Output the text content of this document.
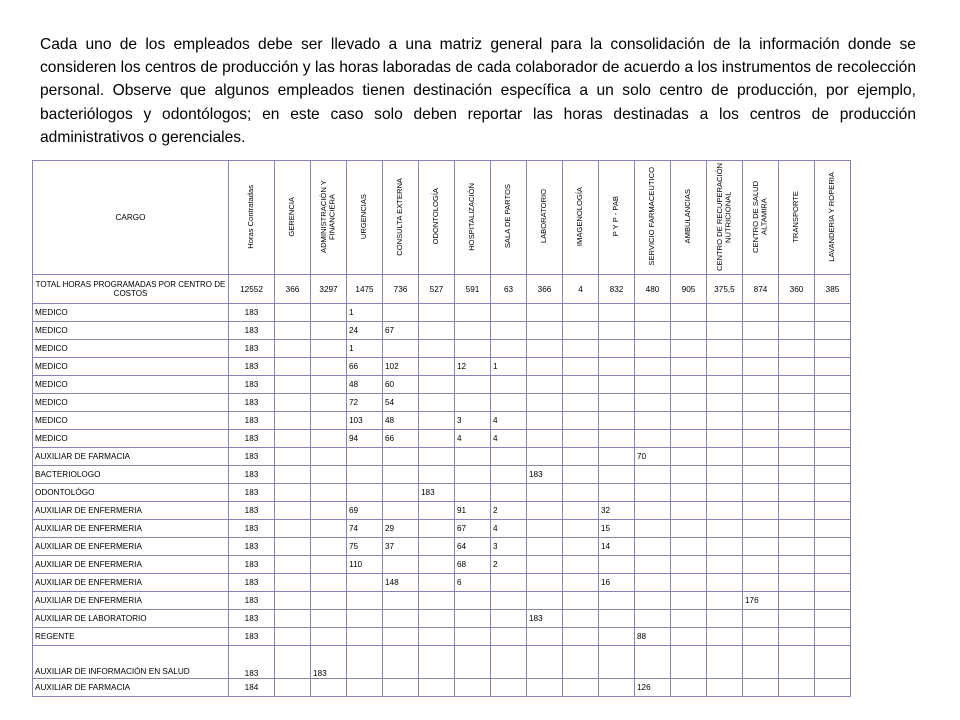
Cada uno de los empleados debe ser llevado a una matriz general para la consolidación de la información donde se consideren los centros de producción y las horas laboradas de cada colaborador de acuerdo a los instrumentos de recolección personal. Observe que algunos empleados tienen destinación específica a un solo centro de producción, por ejemplo, bacteriólogos y odontólogos; en este caso solo deben reportar las horas destinadas a los centros de producción administrativos o gerenciales.

CARGO	Horas Contratadas	GERENCIA	ADMINISTRACIÓN Y FINANCIERA	URGENCIAS	CONSULTA EXTERNA	ODONTOLOGÍA	HOSPITALIZACIÓN	SALA DE PARTOS	LABORATORIO	IMAGENOLOGÍA	P Y P - PAB	SERVICIO FARMACEUTICO	AMBULANCIAS	CENTRO DE RECUPERACIÓN NUTRICIONAL	CENTRO DE SALUD ALTAMIRA	TRANSPORTE	LAVANDERIA Y ROPERIA
TOTAL HORAS PROGRAMADAS POR CENTRO DE COSTOS	12552	366	3297	1475	736	527	591	63	366	4	832	480	905	375,5	874	360	385
MEDICO	183			1													
MEDICO	183			24	67												
MEDICO	183			1													
MEDICO	183			66	102		12	1									
MEDICO	183			48	60												
MEDICO	183			72	54												
MEDICO	183			103	48		3	4									
MEDICO	183			94	66		4	4									
AUXILIAR DE FARMACIA	183											70					
BACTERIOLOGO	183								183								
ODONTOLÓGO	183					183											
AUXILIAR DE ENFERMERIA	183			69			91	2			32						
AUXILIAR DE ENFERMERIA	183			74	29		67	4			15						
AUXILIAR DE ENFERMERIA	183			75	37		64	3			14						
AUXILIAR DE ENFERMERIA	183			110			68	2									
AUXILIAR DE ENFERMERIA	183				148		6				16						
AUXILIAR DE ENFERMERIA	183														176		
AUXILIAR DE LABORATORIO	183								183								
REGENTE	183											88					
AUXILIAR DE INFORMACIÓN EN SALUD	183		183														
AUXILIAR DE FARMACIA	184											126					
